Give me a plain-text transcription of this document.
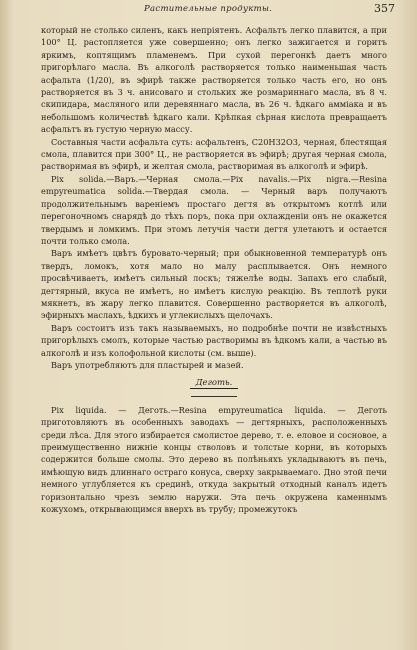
Растительные продукты.	357

который не столько силенъ, какъ непріятенъ. Асфальтъ легко плавится, а при 100° Ц. растопляется уже совершенно; онъ легко зажигается и горитъ яркимъ, коптящимъ пламенемъ. При сухой перегонкѣ даетъ много пригорѣлаго масла. Въ алкоголѣ растворяется только наименьшая часть асфальта (1/20), въ эфирѣ также растворяется только часть его, но онъ растворяется въ 3 ч. анисоваго и стольких же розмариннаго масла, въ 8 ч. скипидара, масляного или деревяннаго масла, въ 26 ч. ѣдкаго амміака и въ небольшомъ количествѣ ѣдкаго кали. Крѣпкая сѣрная кислота превращаетъ асфальтъ въ густую черную массу.

Составныя части асфальта суть: асфальтенъ, C20H32O3, черная, блестящая смола, плавится при 300° Ц., не растворяется въ эфирѣ; другая черная смола, растворимая въ эфирѣ, и желтая смола, растворимая въ алкоголѣ и эфирѣ.

Pix solida.—Варъ.—Черная смола.—Pix navalis.—Pix nigra.—Resina empyreumatica solida.—Твердая смола. — Черный варъ получаютъ продолжительнымъ вареніемъ простаго дегтя въ открытомъ котлѣ или перегоночномъ снарядѣ до тѣхъ поръ, пока при охлажденіи онъ не окажется твердымъ и ломкимъ. При этомъ летучія части дегтя улетаютъ и остается почти только смола.

Варъ имѣетъ цвѣтъ буровато-черный; при обыкновенной температурѣ онъ твердъ, ломокъ, хотя мало но малу расплывается. Онъ немного просвѣчиваетъ, имѣетъ сильный лоскъ; тяжелѣе воды. Запахъ его слабый, дегтярный, вкуса не имѣетъ, но имѣетъ кислую реакцію. Въ теплотѣ руки мякнетъ, въ жару легко плавится. Совершенно растворяется въ алкоголѣ, эфирныхъ маслахъ, ѣдкихъ и углекислыхъ щелочахъ.

Варъ состоитъ изъ такъ называемыхъ, но подробнѣе почти не извѣстныхъ пригорѣлыхъ смолъ, которые частью растворимы въ ѣдкомъ кали, а частью въ алкоголѣ и изъ колофольной кислоты (см. выше).

Варъ употребляютъ для пластырей и мазей.

Деготь.

Pix liquida. — Деготь.—Resina empyreumatica liquida. — Деготь приготовляютъ въ особенныхъ заводахъ — дегтярныхъ, расположенныхъ среди лѣса. Для этого избирается смолистое дерево, т. е. еловое и сосновое, а преимущественно нижніе концы стволовъ и толстые корни, въ которыхъ содержится больше смолы. Это дерево въ полѣньяхъ укладываютъ въ печь, имѣющую видъ длиннаго остраго конуса, сверху закрываемаго. Дно этой печи немного углубляется къ срединѣ, откуда закрытый отходный каналъ идетъ горизонтально чрезъ землю наружи. Эта печь окружена каменнымъ кожухомъ, открывающимся вверхъ въ трубу; промежутокъ
